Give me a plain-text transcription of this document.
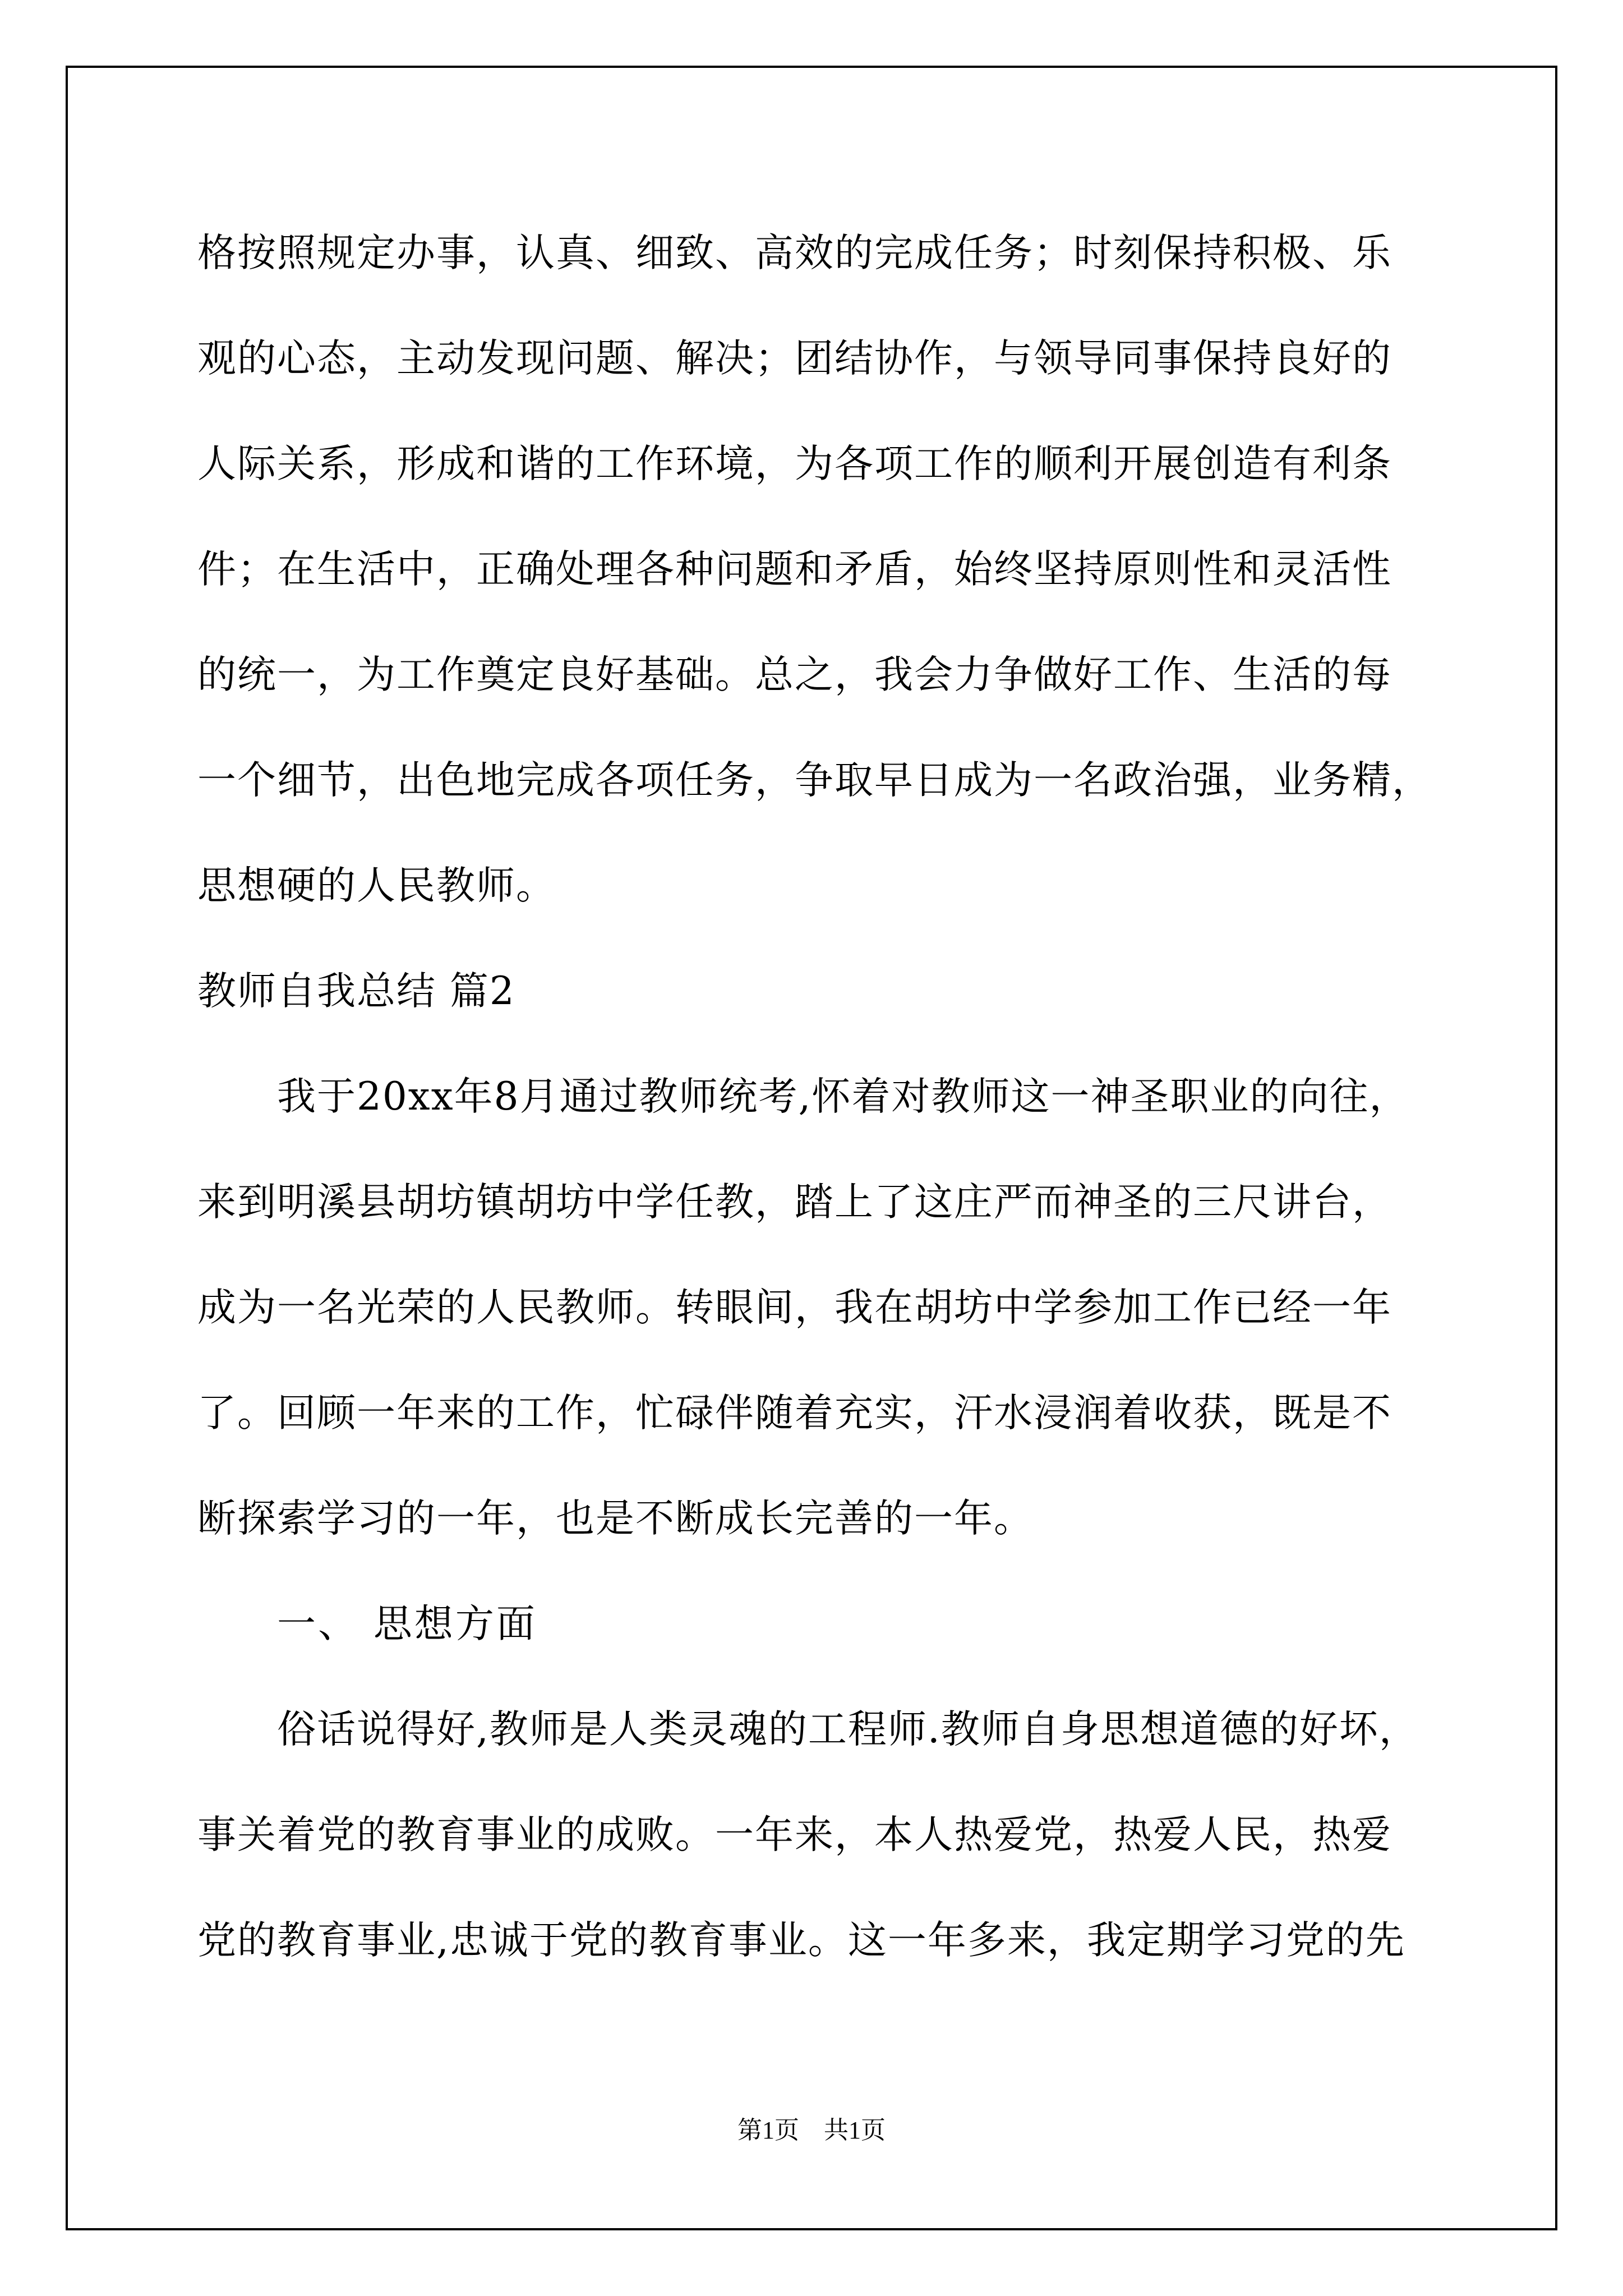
格按照规定办事，认真、细致、高效的完成任务；时刻保持积极、乐
观的心态，主动发现问题、解决；团结协作，与领导同事保持良好的
人际关系，形成和谐的工作环境，为各项工作的顺利开展创造有利条
件；在生活中，正确处理各种问题和矛盾，始终坚持原则性和灵活性
的统一，为工作奠定良好基础。总之，我会力争做好工作、生活的每
一个细节，出色地完成各项任务，争取早日成为一名政治强，业务精，
思想硬的人民教师。
教师自我总结 篇2
我于20xx年8月通过教师统考,怀着对教师这一神圣职业的向往，
来到明溪县胡坊镇胡坊中学任教，踏上了这庄严而神圣的三尺讲台，
成为一名光荣的人民教师。转眼间，我在胡坊中学参加工作已经一年
了。回顾一年来的工作，忙碌伴随着充实，汗水浸润着收获，既是不
断探索学习的一年，也是不断成长完善的一年。
一、 思想方面
俗话说得好,教师是人类灵魂的工程师.教师自身思想道德的好坏，
事关着党的教育事业的成败。一年来，本人热爱党，热爱人民，热爱
党的教育事业,忠诚于党的教育事业。这一年多来，我定期学习党的先
第1页　共1页
